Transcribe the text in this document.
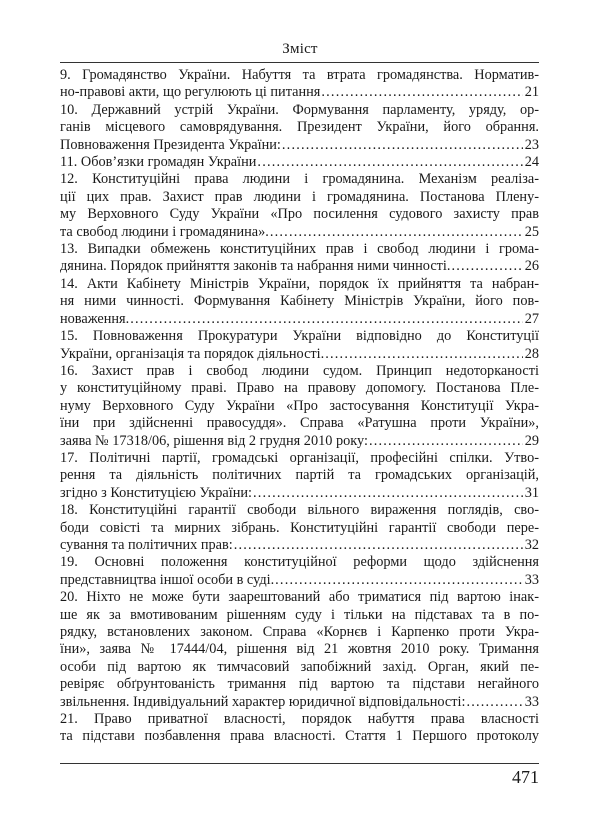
Зміст
9. Громадянство України. Набуття та втрата громадянства. Норматив-
но-правові акти, що регулюють ці питання .....	21
10. Державний устрій України. Формування парламенту, уряду, ор-
ганів місцевого самоврядування. Президент України, його обрання.
Повноваження Президента України: .....	23
11. Обов’язки громадян України .....	24
12. Конституційні права людини і громадянина. Механізм реаліза-
ції цих прав. Захист прав людини і громадянина. Постанова Плену-
му Верховного Суду України «Про посилення судового захисту прав
та свобод людини і громадянина». .....	25
13. Випадки обмежень конституційних прав і свобод людини і грома-
дянина. Порядок прийняття законів та набрання ними чинності. .....	26
14. Акти Кабінету Міністрів України, порядок їх прийняття та набран-
ня ними чинності. Формування Кабінету Міністрів України, його пов-
новаження. .....	27
15. Повноваження Прокуратури України відповідно до Конституції
України, організація та порядок діяльності. .....	28
16. Захист прав і свобод людини судом. Принцип недоторканості
у конституційному праві. Право на правову допомогу. Постанова Пле-
нуму Верховного Суду України «Про застосування Конституції Укра-
їни при здійсненні правосуддя». Справа «Ратушна проти України»,
заява № 17318/06, рішення від 2 грудня 2010 року: .....	29
17. Політичні партії, громадські організації, професійні спілки. Утво-
рення та діяльність політичних партій та громадських організацій,
згідно з Конституцією України: .....	31
18. Конституційні гарантії свободи вільного вираження поглядів, сво-
боди совісті та мирних зібрань. Конституційні гарантії свободи пере-
сування та політичних прав: .....	32
19. Основні положення конституційної реформи щодо здійснення
представництва іншої особи в суді. .....	33
20. Ніхто не може бути заарештований або триматися під вартою інак-
ше як за вмотивованим рішенням суду і тільки на підставах та в по-
рядку, встановлених законом. Справа «Корнєв і Карпенко проти Укра-
їни», заява № 17444/04, рішення від 21 жовтня 2010 року. Тримання
особи під вартою як тимчасовий запобіжний захід. Орган, який пе-
ревіряє обґрунтованість тримання під вартою та підстави негайного
звільнення. Індивідуальний характер юридичної відповідальності: .....	33
21. Право приватної власності, порядок набуття права власності
та підстави позбавлення права власності. Стаття 1 Першого протоколу
471
